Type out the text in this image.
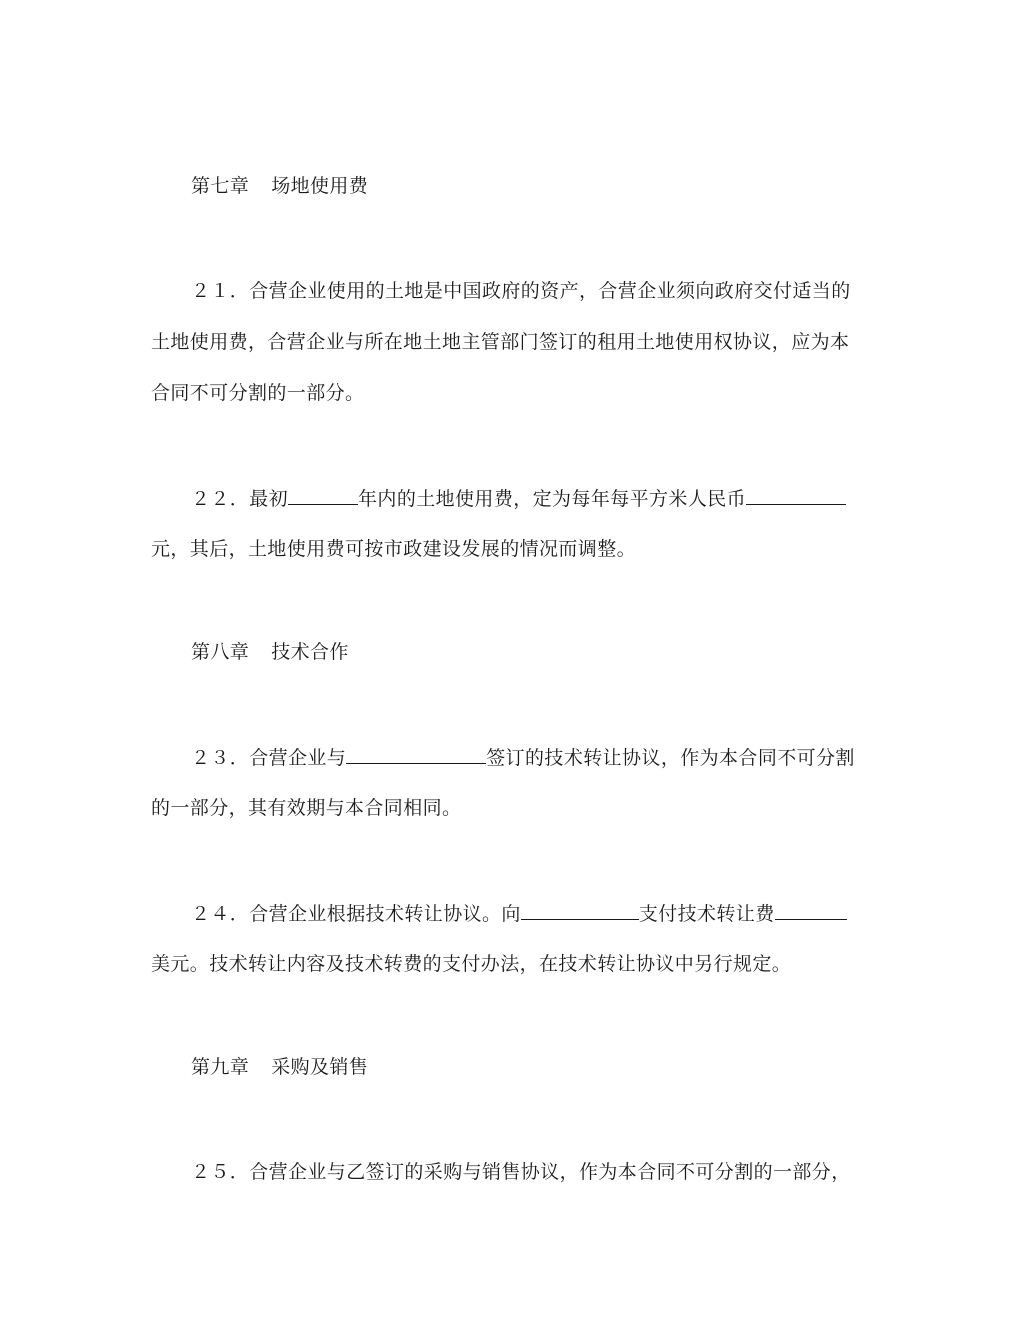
第七章 场地使用费
２１．合营企业使用的土地是中国政府的资产，合营企业须向政府交付适当的
土地使用费，合营企业与所在地土地主管部门签订的租用土地使用权协议，应为本
合同不可分割的一部分。
２２．最初	年内的土地使用费，定为每年每平方米人民币
元，其后，土地使用费可按市政建设发展的情况而调整。
第八章 技术合作
２３．合营企业与	签订的技术转让协议，作为本合同不可分割
的一部分，其有效期与本合同相同。
２４．合营企业根据技术转让协议。向	支付技术转让费
美元。技术转让内容及技术转费的支付办法，在技术转让协议中另行规定。
第九章 采购及销售
２５．合营企业与乙签订的采购与销售协议，作为本合同不可分割的一部分，
